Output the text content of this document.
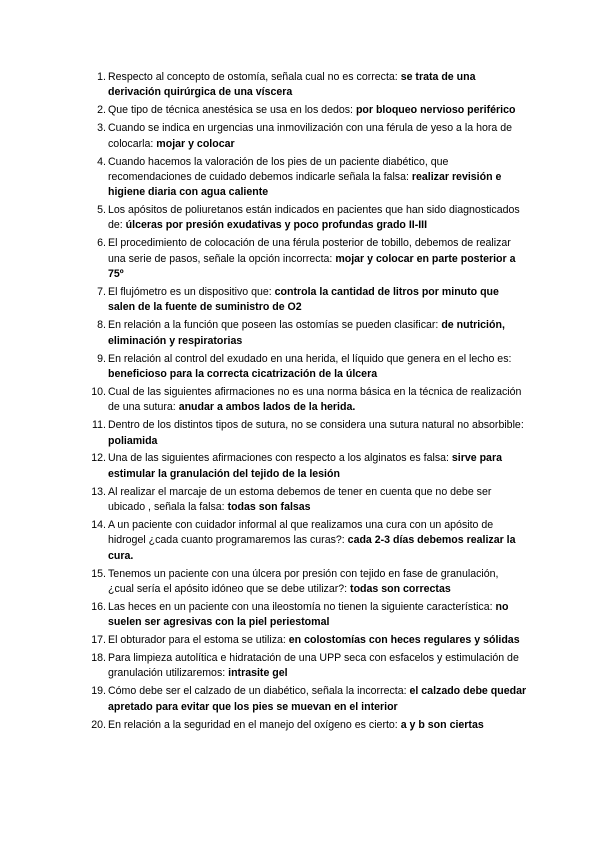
1. Respecto al concepto de ostomía, señala cual no es correcta: se trata de una derivación quirúrgica de una víscera
2. Que tipo de técnica anestésica se usa en los dedos: por bloqueo nervioso periférico
3. Cuando se indica en urgencias una inmovilización con una férula de yeso a la hora de colocarla: mojar y colocar
4. Cuando hacemos la valoración de los pies de un paciente diabético, que recomendaciones de cuidado debemos indicarle señala la falsa: realizar revisión e higiene diaria con agua caliente
5. Los apósitos de poliuretanos están indicados en pacientes que han sido diagnosticados de: úlceras por presión exudativas y poco profundas grado II-III
6. El procedimiento de colocación de una férula posterior de tobillo, debemos de realizar una serie de pasos, señale la opción incorrecta: mojar y colocar en parte posterior a 75º
7. El flujómetro es un dispositivo que: controla la cantidad de litros por minuto que salen de la fuente de suministro de O2
8. En relación a la función que poseen las ostomías se pueden clasificar: de nutrición, eliminación y respiratorias
9. En relación al control del exudado en una herida, el líquido que genera en el lecho es: beneficioso para la correcta cicatrización de la úlcera
10. Cual de las siguientes afirmaciones no es una norma básica en la técnica de realización de una sutura: anudar a ambos lados de la herida.
11. Dentro de los distintos tipos de sutura, no se considera una sutura natural no absorbible: poliamida
12. Una de las siguientes afirmaciones con respecto a los alginatos es falsa: sirve para estimular la granulación del tejido de la lesión
13. Al realizar el marcaje de un estoma debemos de tener en cuenta que no debe ser ubicado , señala la falsa: todas son falsas
14. A un paciente con cuidador informal al que realizamos una cura con un apósito de hidrogel ¿cada cuanto programaremos las curas?: cada 2-3 días debemos realizar la cura.
15. Tenemos un paciente con una úlcera por presión con tejido en fase de granulación, ¿cual sería el apósito idóneo que se debe utilizar?: todas son correctas
16. Las heces en un paciente con una ileostomía no tienen la siguiente característica: no suelen ser agresivas con la piel periestomal
17. El obturador para el estoma se utiliza: en colostomías con heces regulares y sólidas
18. Para limpieza autolítica e hidratación de una UPP seca con esfacelos y estimulación de granulación utilizaremos: intrasite gel
19. Cómo debe ser el calzado de un diabético, señala la incorrecta: el calzado debe quedar apretado para evitar que los pies se muevan en el interior
20. En relación a la seguridad en el manejo del oxígeno es cierto: a y b son ciertas
